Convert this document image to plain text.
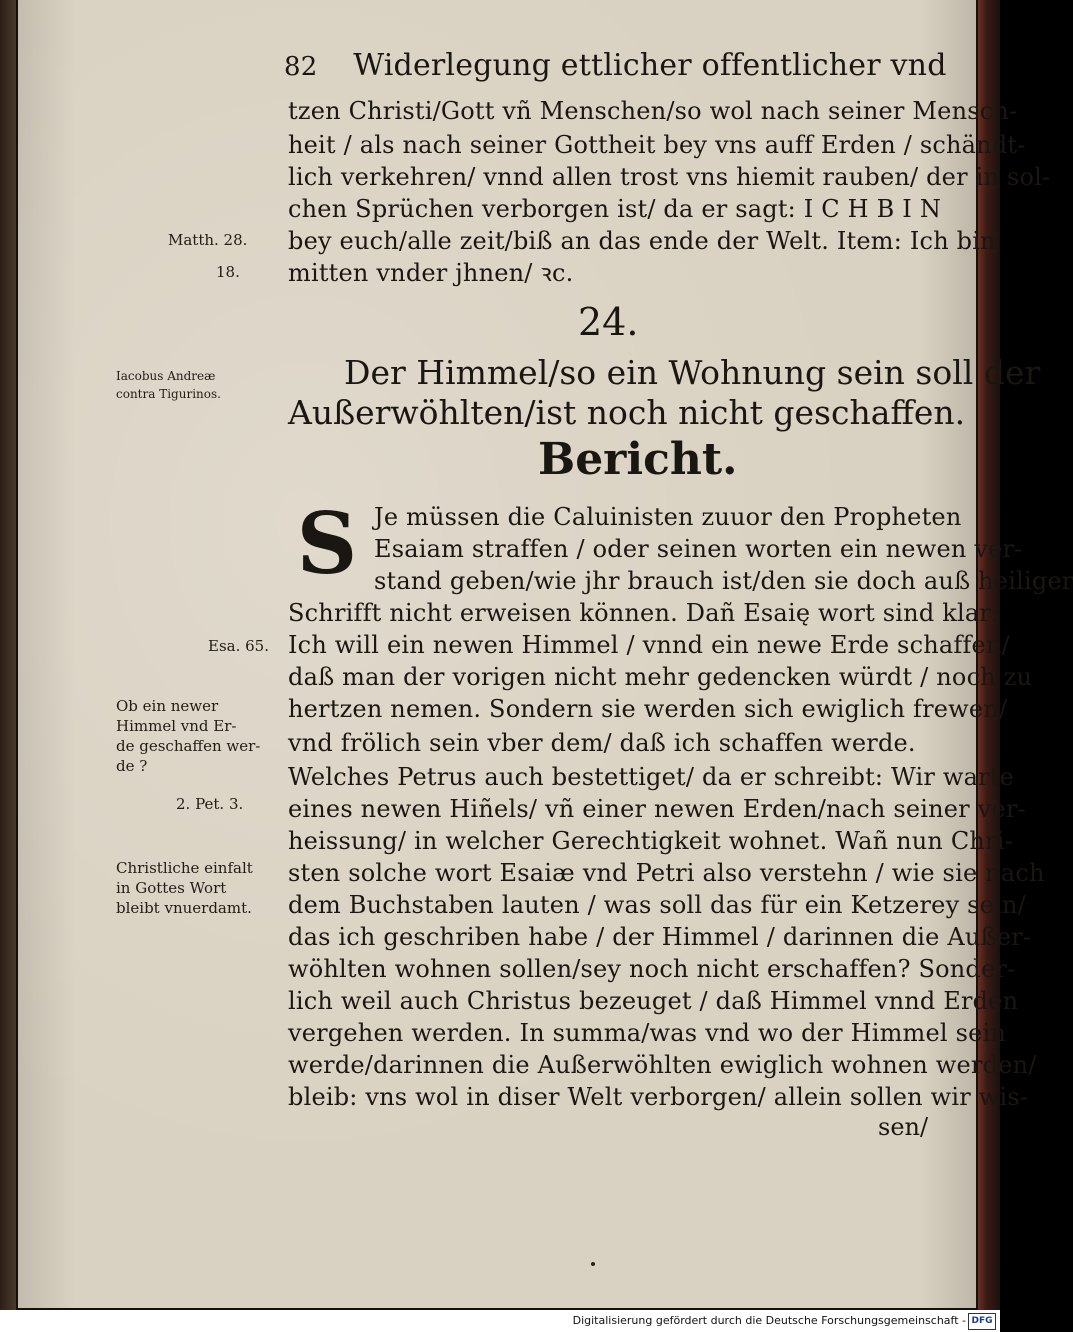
82 Widerlegung ettlicher offentlicher vnd
tzen Christi/Gott vñ Menschen/so wol nach seiner Mensch-
heit / als nach seiner Gottheit bey vns auff Erden / schändt-
lich verkehren/ vnnd allen trost vns hiemit rauben/ der in sol-
chen Sprüchen verborgen ist/ da er sagt: I C H B I N
bey euch/alle zeit/biß an das ende der Welt. Item: Ich bin
mitten vnder jhnen/ ꝛc.
Matth. 28.
18.
24.
Iacobus Andreæ
contra Tigurinos.
Der Himmel/so ein Wohnung sein soll der
Außerwöhlten/ist noch nicht geschaffen.
Bericht.
S Je müssen die Caluinisten zuuor den Propheten
Esaiam straffen / oder seinen worten ein newen ver-
stand geben/wie jhr brauch ist/den sie doch auß heiliger
Schrifft nicht erweisen können. Dañ Esaię wort sind klar:
Ich will ein newen Himmel / vnnd ein newe Erde schaffen/
daß man der vorigen nicht mehr gedencken würdt / noch zu
hertzen nemen. Sondern sie werden sich ewiglich frewen/
vnd frölich sein vber dem/ daß ich schaffen werde.
Welches Petrus auch bestettiget/ da er schreibt: Wir warte
eines newen Hiñels/ vñ einer newen Erden/nach seiner ver-
heissung/ in welcher Gerechtigkeit wohnet. Wañ nun Chri-
sten solche wort Esaiæ vnd Petri also verstehn / wie sie nach
dem Buchstaben lauten / was soll das für ein Ketzerey sein/
das ich geschriben habe / der Himmel / darinnen die Außer-
wöhlten wohnen sollen/sey noch nicht erschaffen? Sonder-
lich weil auch Christus bezeuget / daß Himmel vnnd Erden
vergehen werden. In summa/was vnd wo der Himmel sein
werde/darinnen die Außerwöhlten ewiglich wohnen werden/
bleib: vns wol in diser Welt verborgen/ allein sollen wir wis-
sen/
Esa. 65.
Ob ein newer
Himmel vnd Er-
de geschaffen wer-
de ?
2. Pet. 3.
Christliche einfalt
in Gottes Wort
bleibt vnuerdamt.
Digitalisierung gefördert durch die Deutsche Forschungsgemeinschaft - DFG
